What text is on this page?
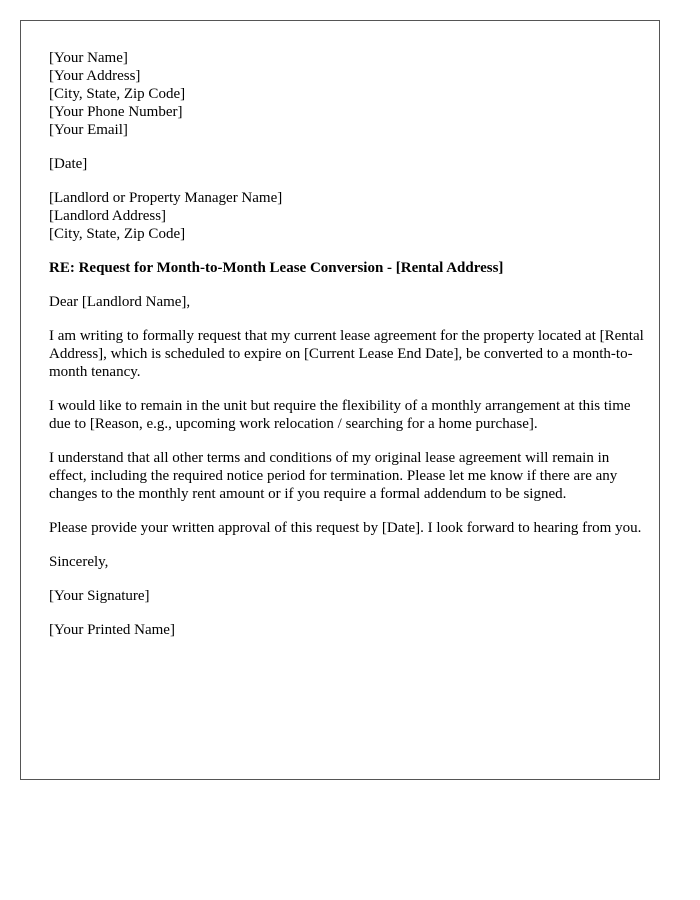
[Your Name]
[Your Address]
[City, State, Zip Code]
[Your Phone Number]
[Your Email]
[Date]
[Landlord or Property Manager Name]
[Landlord Address]
[City, State, Zip Code]
RE: Request for Month-to-Month Lease Conversion - [Rental Address]

Dear [Landlord Name],

I am writing to formally request that my current lease agreement for the property located at [Rental Address], which is scheduled to expire on [Current Lease End Date], be converted to a month-to-month tenancy.

I would like to remain in the unit but require the flexibility of a monthly arrangement at this time due to [Reason, e.g., upcoming work relocation / searching for a home purchase].

I understand that all other terms and conditions of my original lease agreement will remain in effect, including the required notice period for termination. Please let me know if there are any changes to the monthly rent amount or if you require a formal addendum to be signed.

Please provide your written approval of this request by [Date]. I look forward to hearing from you.

Sincerely,

[Your Signature]

[Your Printed Name]
